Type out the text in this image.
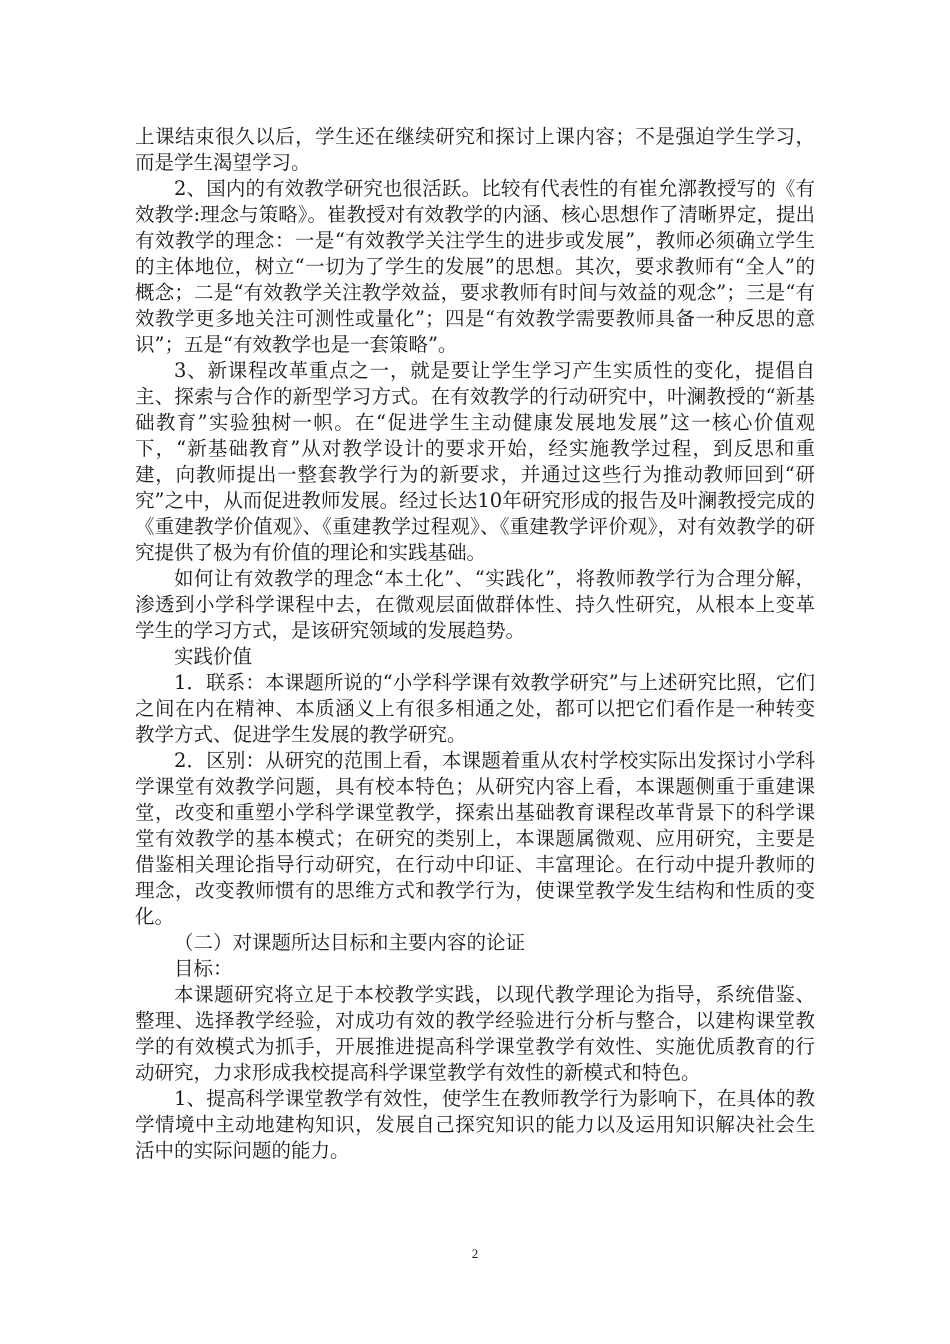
上课结束很久以后，学生还在继续研究和探讨上课内容；不是强迫学生学习，而是学生渴望学习。

2、国内的有效教学研究也很活跃。比较有代表性的有崔允漷教授写的《有效教学:理念与策略》。崔教授对有效教学的内涵、核心思想作了清晰界定，提出有效教学的理念：一是“有效教学关注学生的进步或发展”，教师必须确立学生的主体地位，树立“一切为了学生的发展”的思想。其次，要求教师有“全人”的概念；二是“有效教学关注教学效益，要求教师有时间与效益的观念”；三是“有效教学更多地关注可测性或量化”；四是“有效教学需要教师具备一种反思的意识”；五是“有效教学也是一套策略”。

3、新课程改革重点之一，就是要让学生学习产生实质性的变化，提倡自主、探索与合作的新型学习方式。在有效教学的行动研究中，叶澜教授的“新基础教育”实验独树一帜。在“促进学生主动健康发展地发展”这一核心价值观下，“新基础教育”从对教学设计的要求开始，经实施教学过程，到反思和重建，向教师提出一整套教学行为的新要求，并通过这些行为推动教师回到“研究”之中，从而促进教师发展。经过长达10年研究形成的报告及叶澜教授完成的《重建教学价值观》、《重建教学过程观》、《重建教学评价观》，对有效教学的研究提供了极为有价值的理论和实践基础。

如何让有效教学的理念“本土化”、“实践化”，将教师教学行为合理分解，渗透到小学科学课程中去，在微观层面做群体性、持久性研究，从根本上变革学生的学习方式，是该研究领域的发展趋势。

实践价值

1．联系：本课题所说的“小学科学课有效教学研究”与上述研究比照，它们之间在内在精神、本质涵义上有很多相通之处，都可以把它们看作是一种转变教学方式、促进学生发展的教学研究。

2．区别：从研究的范围上看，本课题着重从农村学校实际出发探讨小学科学课堂有效教学问题，具有校本特色；从研究内容上看，本课题侧重于重建课堂，改变和重塑小学科学课堂教学，探索出基础教育课程改革背景下的科学课堂有效教学的基本模式；在研究的类别上，本课题属微观、应用研究，主要是借鉴相关理论指导行动研究，在行动中印证、丰富理论。在行动中提升教师的理念，改变教师惯有的思维方式和教学行为，使课堂教学发生结构和性质的变化。

（二）对课题所达目标和主要内容的论证

目标：

本课题研究将立足于本校教学实践，以现代教学理论为指导，系统借鉴、整理、选择教学经验，对成功有效的教学经验进行分析与整合，以建构课堂教学的有效模式为抓手，开展推进提高科学课堂教学有效性、实施优质教育的行动研究，力求形成我校提高科学课堂教学有效性的新模式和特色。

1、提高科学课堂教学有效性，使学生在教师教学行为影响下，在具体的教学情境中主动地建构知识，发展自己探究知识的能力以及运用知识解决社会生活中的实际问题的能力。

2
